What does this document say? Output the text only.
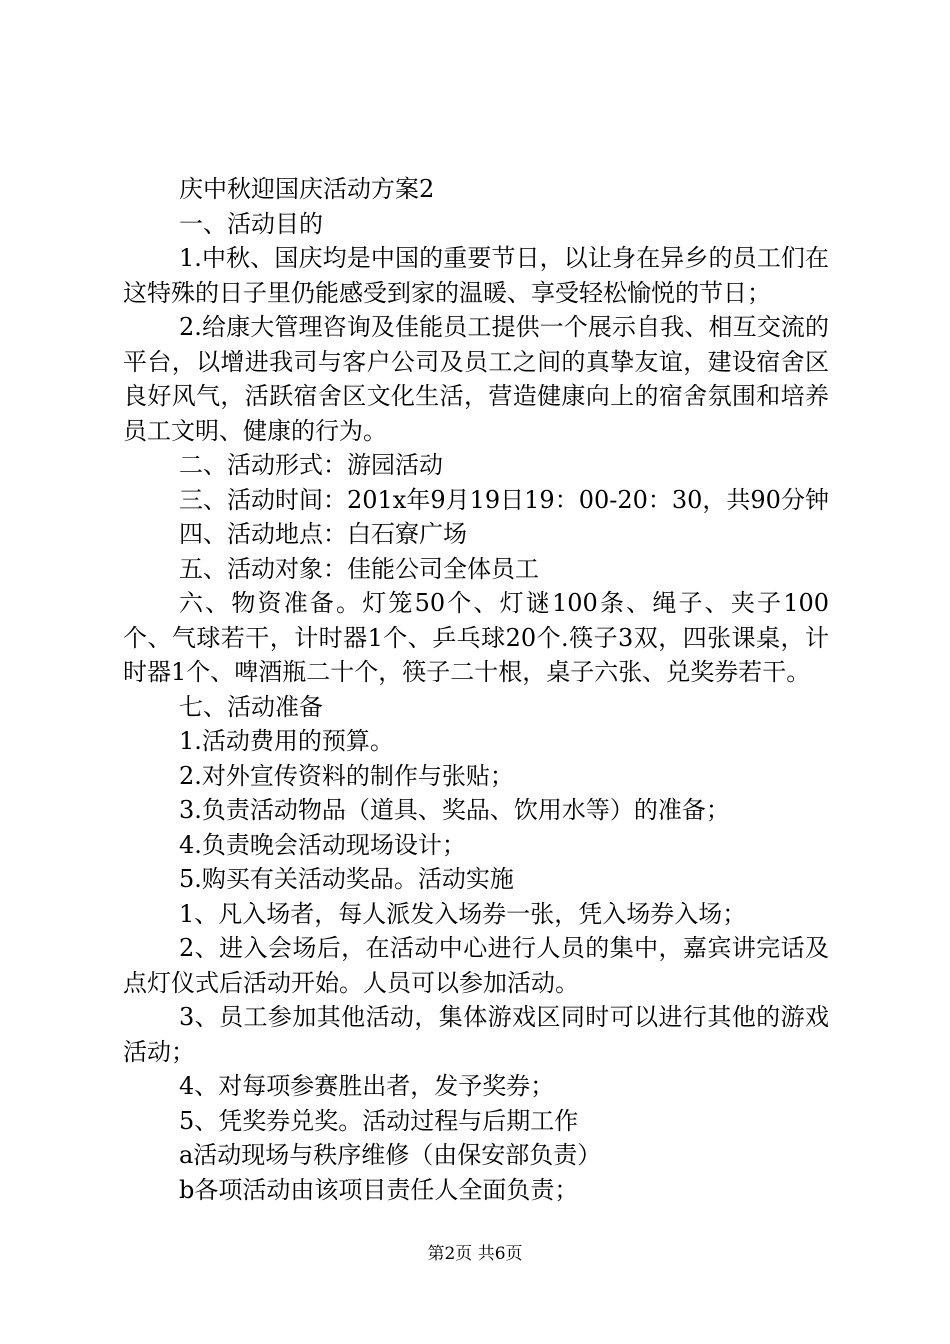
庆中秋迎国庆活动方案2

一、活动目的

1.中秋、国庆均是中国的重要节日，以让身在异乡的员工们在这特殊的日子里仍能感受到家的温暖、享受轻松愉悦的节日；

2.给康大管理咨询及佳能员工提供一个展示自我、相互交流的平台，以增进我司与客户公司及员工之间的真挚友谊，建设宿舍区良好风气，活跃宿舍区文化生活，营造健康向上的宿舍氛围和培养员工文明、健康的行为。

二、活动形式：游园活动

三、活动时间：201x年9月19日19：00-20：30，共90分钟

四、活动地点：白石寮广场

五、活动对象：佳能公司全体员工

六、物资准备。灯笼50个、灯谜100条、绳子、夹子100个、气球若干，计时器1个、乒乓球20个.筷子3双，四张课桌，计时器1个、啤酒瓶二十个，筷子二十根，桌子六张、兑奖券若干。

七、活动准备

1.活动费用的预算。

2.对外宣传资料的制作与张贴；

3.负责活动物品（道具、奖品、饮用水等）的准备；

4.负责晚会活动现场设计；

5.购买有关活动奖品。活动实施

1、凡入场者，每人派发入场券一张，凭入场券入场；

2、进入会场后，在活动中心进行人员的集中，嘉宾讲完话及点灯仪式后活动开始。人员可以参加活动。

3、员工参加其他活动，集体游戏区同时可以进行其他的游戏活动；

4、对每项参赛胜出者，发予奖券；

5、凭奖券兑奖。活动过程与后期工作

a活动现场与秩序维修（由保安部负责）

b各项活动由该项目责任人全面负责；

第2页 共6页
